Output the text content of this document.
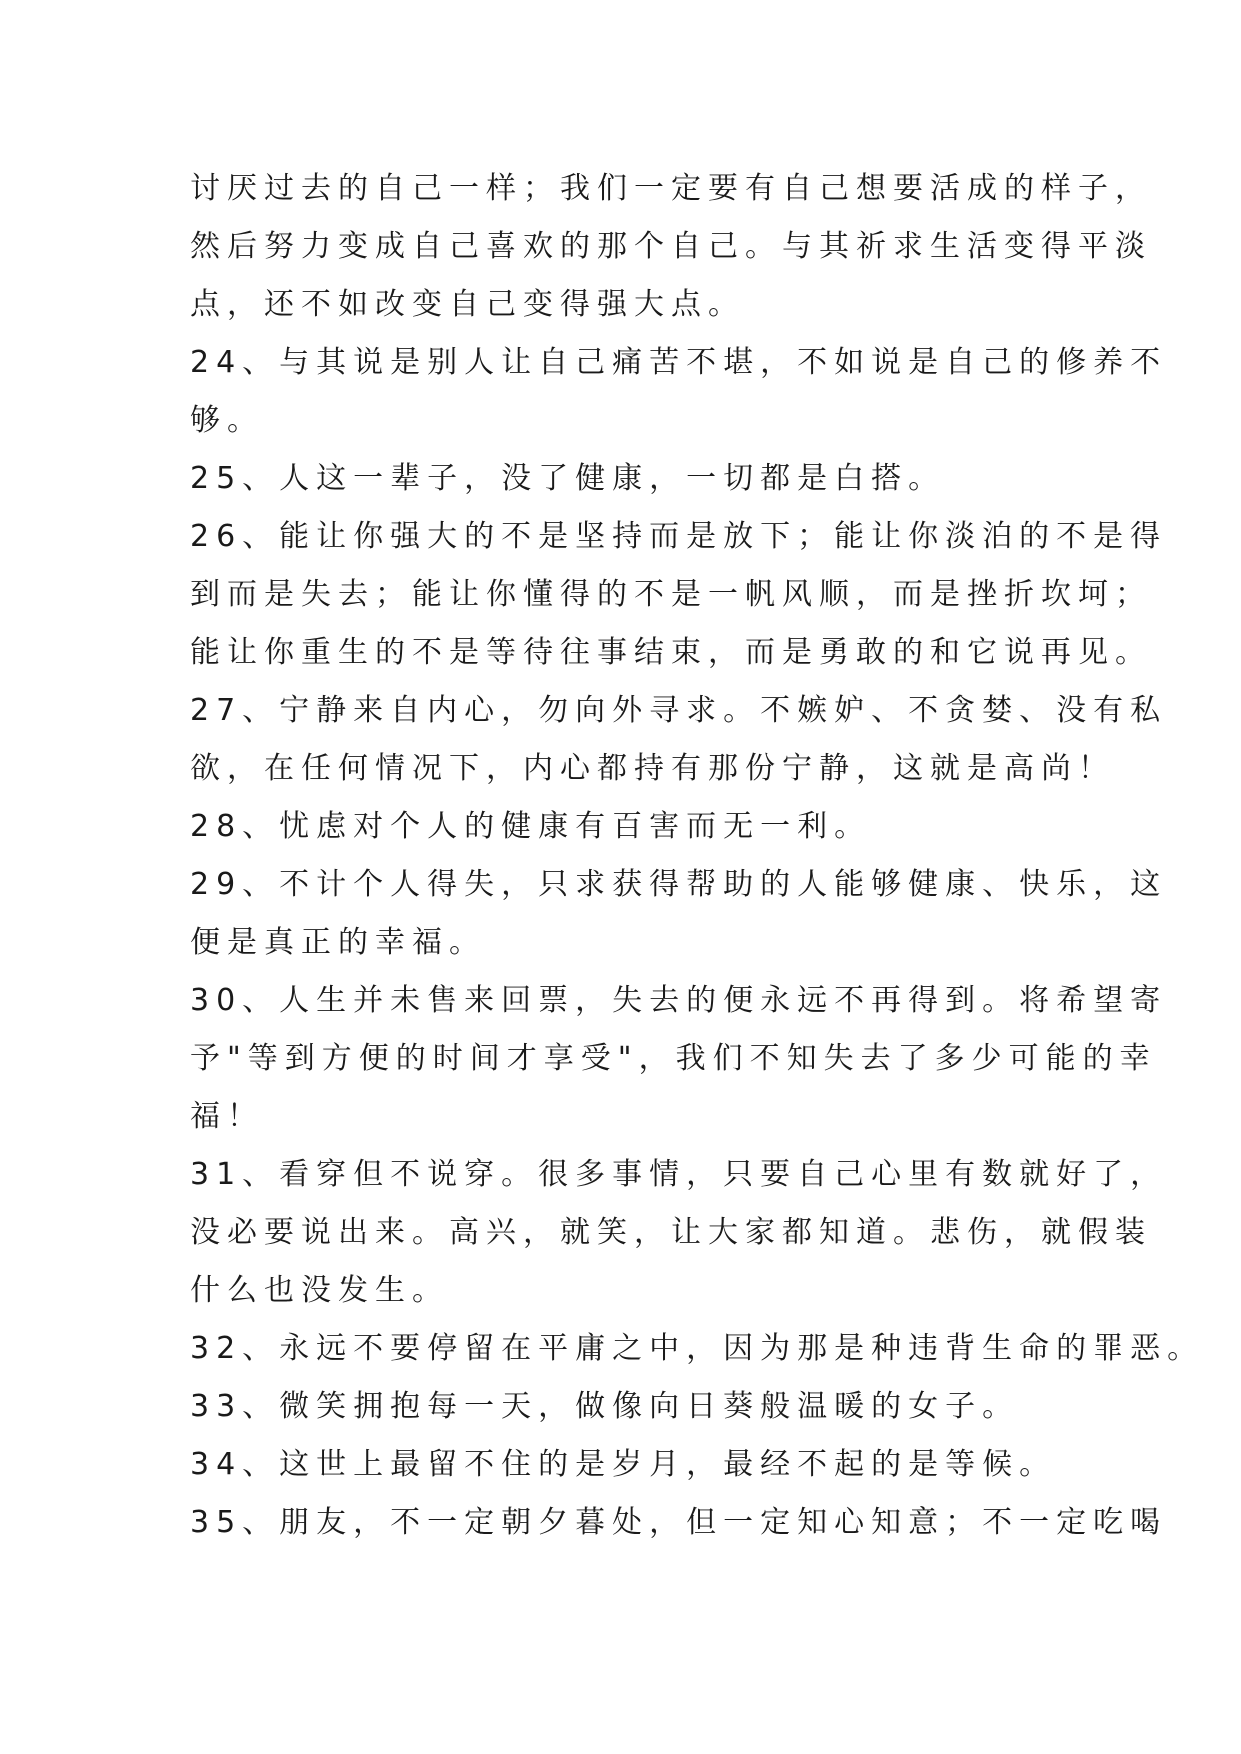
讨厌过去的自己一样；我们一定要有自己想要活成的样子，
然后努力变成自己喜欢的那个自己。与其祈求生活变得平淡
点，还不如改变自己变得强大点。
24、与其说是别人让自己痛苦不堪，不如说是自己的修养不
够。
25、人这一辈子，没了健康，一切都是白搭。
26、能让你强大的不是坚持而是放下；能让你淡泊的不是得
到而是失去；能让你懂得的不是一帆风顺，而是挫折坎坷；
能让你重生的不是等待往事结束，而是勇敢的和它说再见。
27、宁静来自内心，勿向外寻求。不嫉妒、不贪婪、没有私
欲，在任何情况下，内心都持有那份宁静，这就是高尚！
28、忧虑对个人的健康有百害而无一利。
29、不计个人得失，只求获得帮助的人能够健康、快乐，这
便是真正的幸福。
30、人生并未售来回票，失去的便永远不再得到。将希望寄
予"等到方便的时间才享受"，我们不知失去了多少可能的幸
福！
31、看穿但不说穿。很多事情，只要自己心里有数就好了，
没必要说出来。高兴，就笑，让大家都知道。悲伤，就假装
什么也没发生。
32、永远不要停留在平庸之中，因为那是种违背生命的罪恶。
33、微笑拥抱每一天，做像向日葵般温暖的女子。
34、这世上最留不住的是岁月，最经不起的是等候。
35、朋友，不一定朝夕暮处，但一定知心知意；不一定吃喝
